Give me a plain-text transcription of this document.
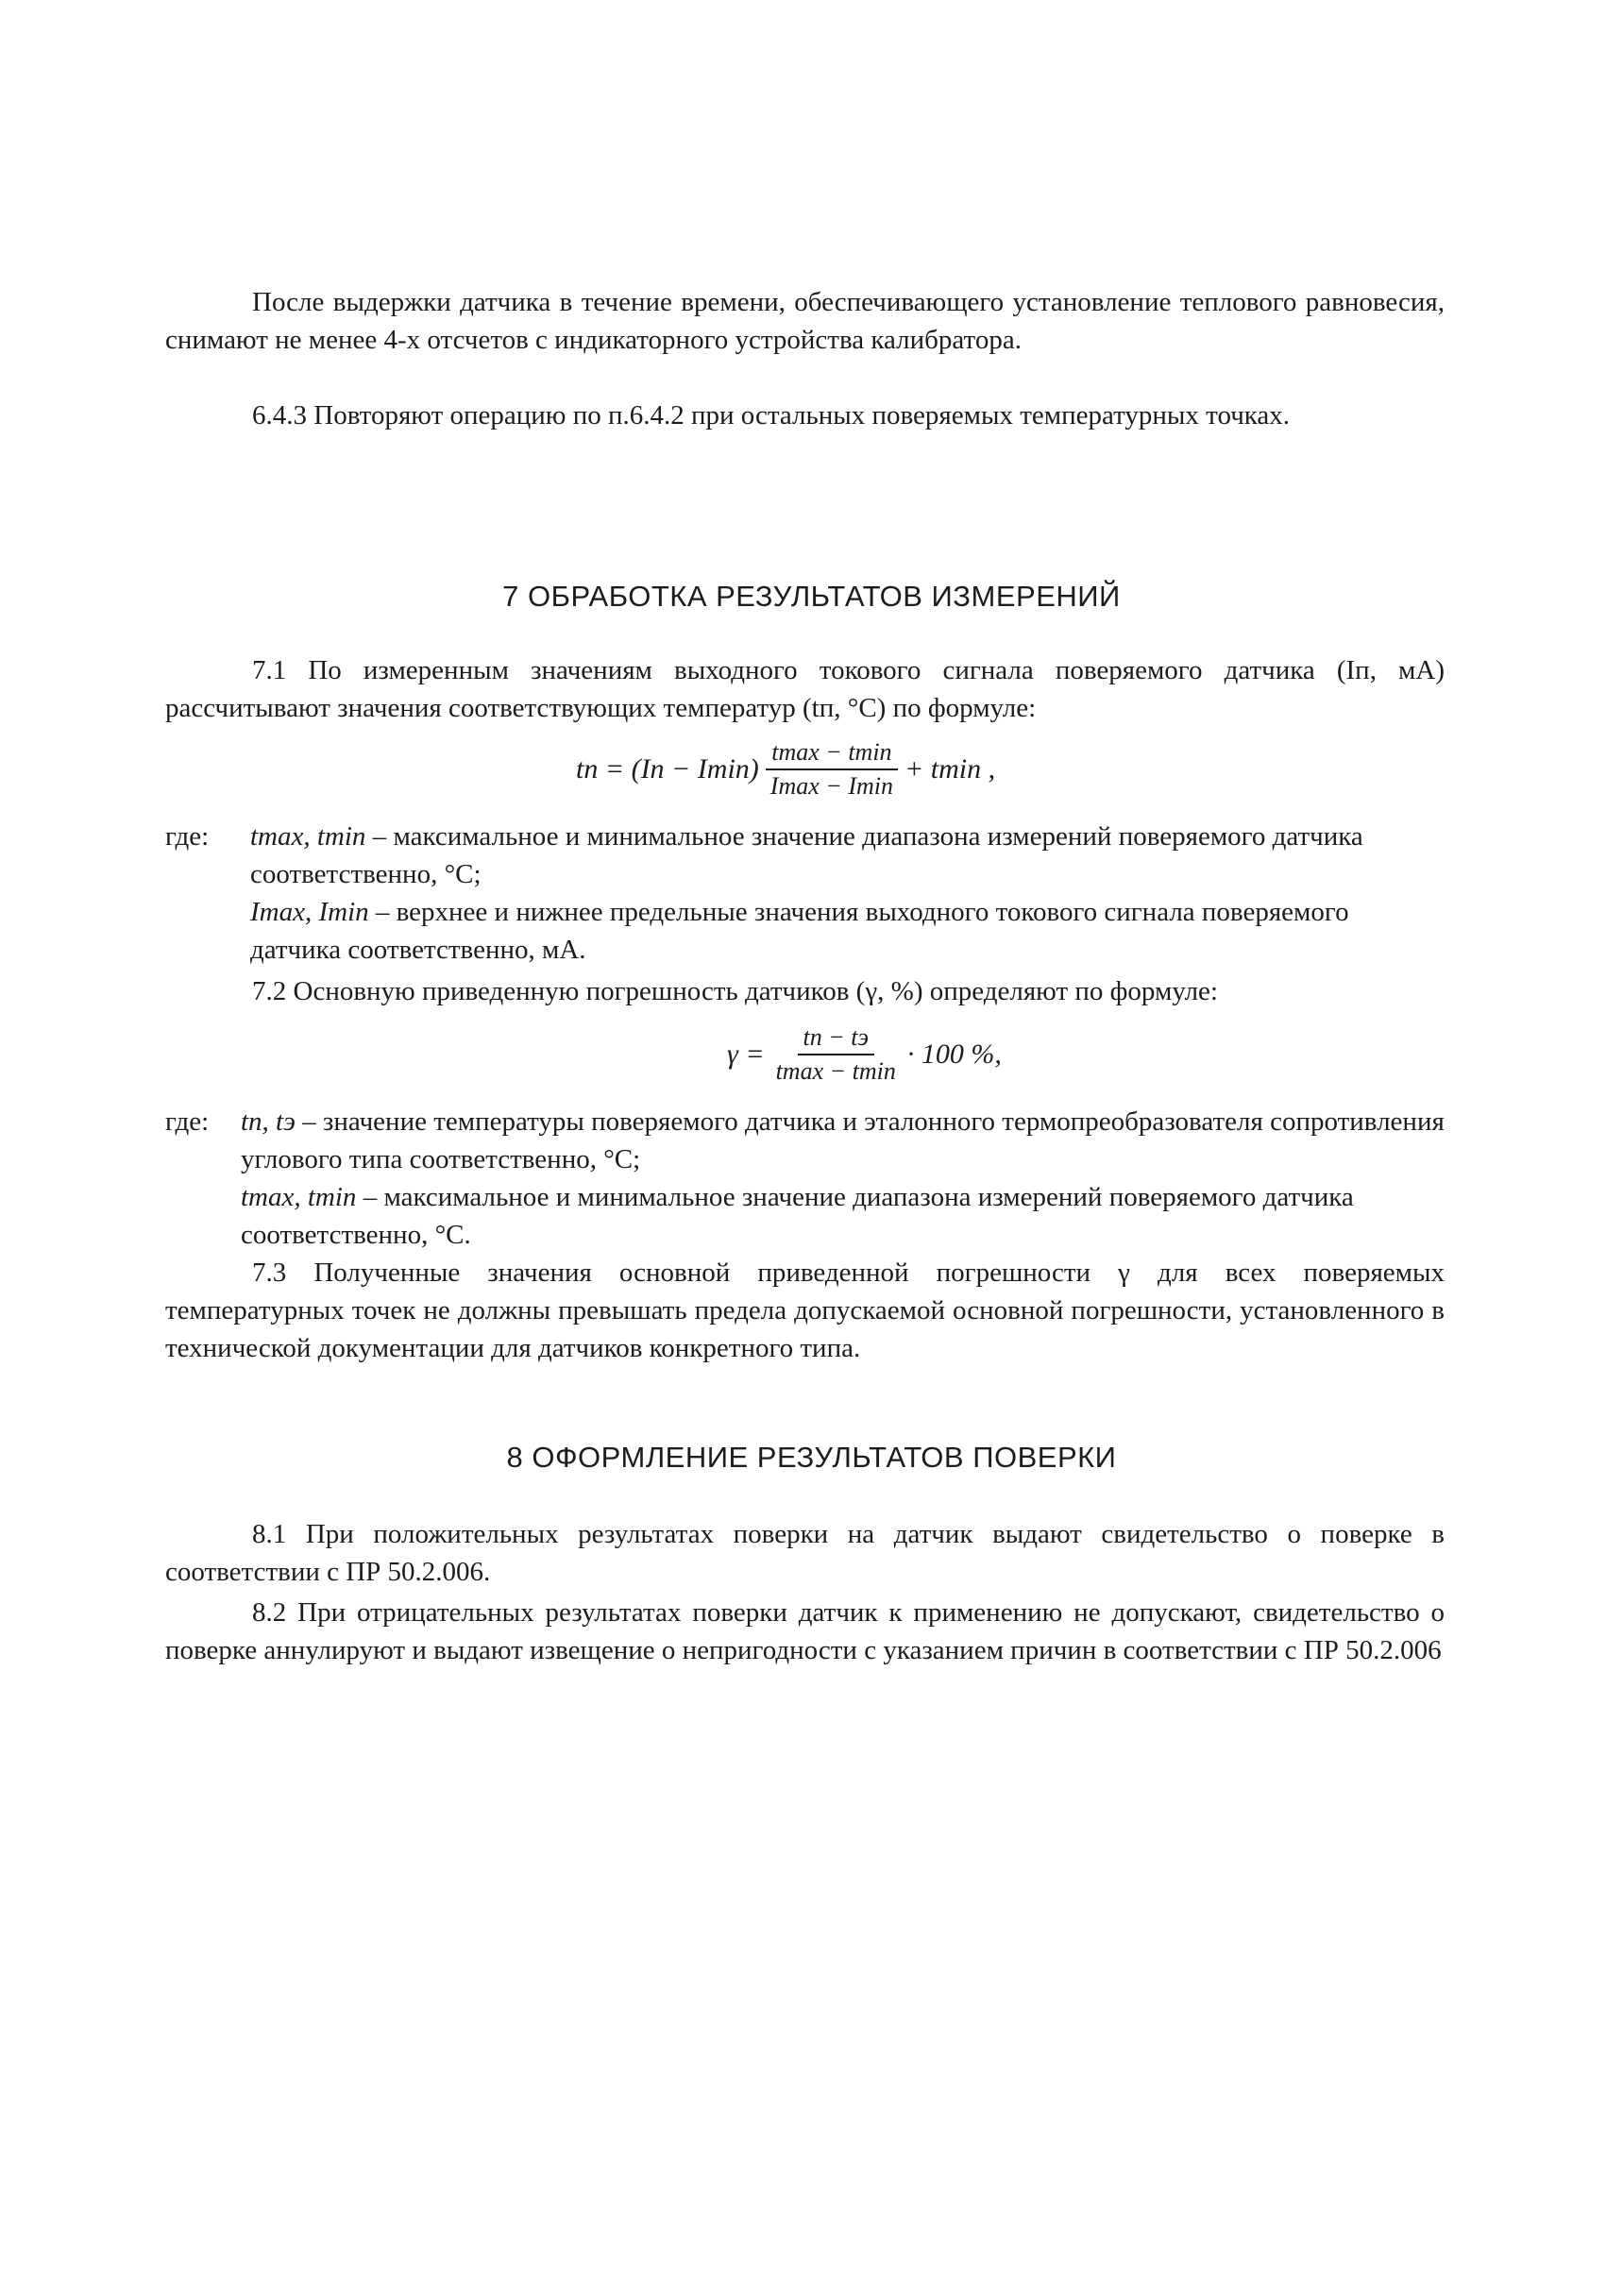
После выдержки датчика в течение времени, обеспечивающего установление теплового равновесия, снимают не менее 4-х отсчетов с индикаторного устройства калибратора.
6.4.3 Повторяют операцию по п.6.4.2 при остальных поверяемых температурных точках.
7 ОБРАБОТКА РЕЗУЛЬТАТОВ ИЗМЕРЕНИЙ
7.1 По измеренным значениям выходного токового сигнала поверяемого датчика (Iп, мА) рассчитывают значения соответствующих температур (tп, °С) по формуле:
tп = $(Iп - Imin) \frac{tmax - tmin}{Imax - Imin} + tmin$ ,
где: tmax, tmin – максимальное и минимальное значение диапазона измерений поверяемого датчика соответственно, °С;
Imax, Imin – верхнее и нижнее предельные значения выходного токового сигнала поверяемого датчика соответственно, мА.
7.2 Основную приведенную погрешность датчиков (γ, %) определяют по формуле:
$\gamma = \frac{tп - tэ}{tmax - tmin} \cdot 100$ %,
где: tп, tэ – значение температуры поверяемого датчика и эталонного термопреобразователя сопротивления углового типа соответственно, °С;
tmax, tmin – максимальное и минимальное значение диапазона измерений поверяемого датчика соответственно, °С.
7.3 Полученные значения основной приведенной погрешности γ для всех поверяемых температурных точек не должны превышать предела допускаемой основной погрешности, установленного в технической документации для датчиков конкретного типа.
8 ОФОРМЛЕНИЕ РЕЗУЛЬТАТОВ ПОВЕРКИ
8.1 При положительных результатах поверки на датчик выдают свидетельство о поверке в соответствии с ПР 50.2.006.
8.2 При отрицательных результатах поверки датчик к применению не допускают, свидетельство о поверке аннулируют и выдают извещение о непригодности с указанием причин в соответствии с ПР 50.2.006
